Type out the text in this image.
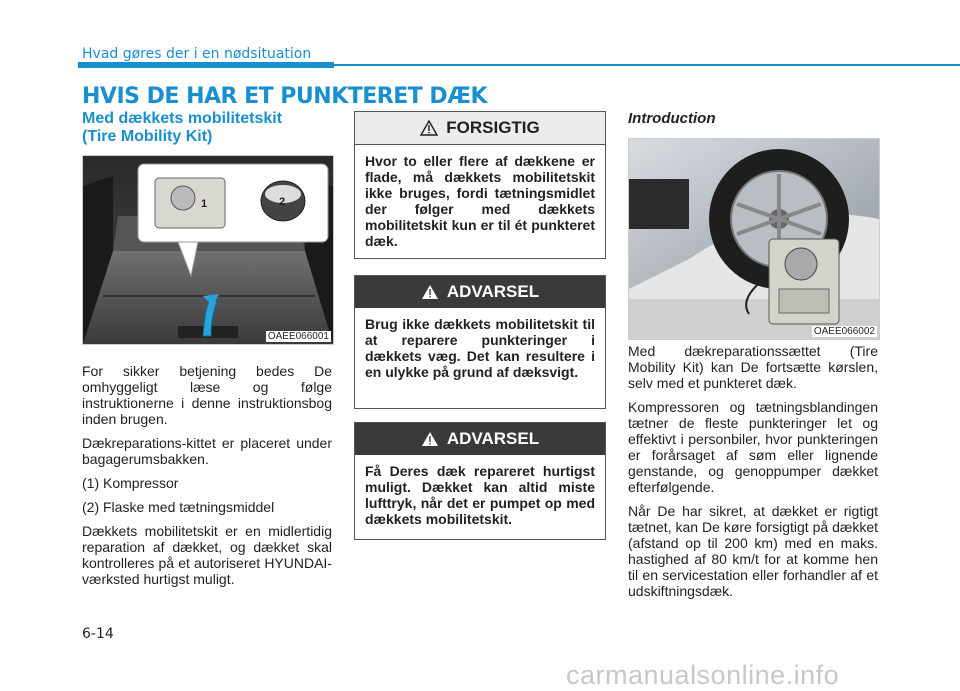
Hvad gøres der i en nødsituation
HVIS DE HAR ET PUNKTERET DÆK
Med dækkets mobilitetskit
(Tire Mobility Kit)
1	2
OAEE066001

For sikker betjening bedes De omhyggeligt læse og følge instruktionerne i denne instruktionsbog inden brugen.

Dækreparations-kittet er placeret under bagagerumsbakken.

(1) Kompressor

(2) Flaske med tætningsmiddel

Dækkets mobilitetskit er en midlertidig reparation af dækket, og dækket skal kontrolleres på et autoriseret HYUNDAI-værksted hurtigst muligt.

FORSIGTIG
Hvor to eller flere af dækkene er flade, må dækkets mobilitetskit ikke bruges, fordi tætningsmidlet der følger med dækkets mobilitetskit kun er til ét punkteret dæk.
ADVARSEL
Brug ikke dækkets mobilitetskit til at reparere punkteringer i dækkets væg. Det kan resultere i en ulykke på grund af dæksvigt.
ADVARSEL
Få Deres dæk repareret hurtigst muligt. Dækket kan altid miste lufttryk, når det er pumpet op med dækkets mobilitetskit.
Introduction
OAEE066002

Med dækreparationssættet (Tire Mobility Kit) kan De fortsætte kørslen, selv med et punkteret dæk.

Kompressoren og tætningsblandingen tætner de fleste punkteringer let og effektivt i personbiler, hvor punkteringen er forårsaget af søm eller lignende genstande, og genoppumper dækket efterfølgende.

Når De har sikret, at dækket er rigtigt tætnet, kan De køre forsigtigt på dækket (afstand op til 200 km) med en maks. hastighed af 80 km/t for at komme hen til en servicestation eller forhandler af et udskiftningsdæk.

6-14
carmanualsonline.info
